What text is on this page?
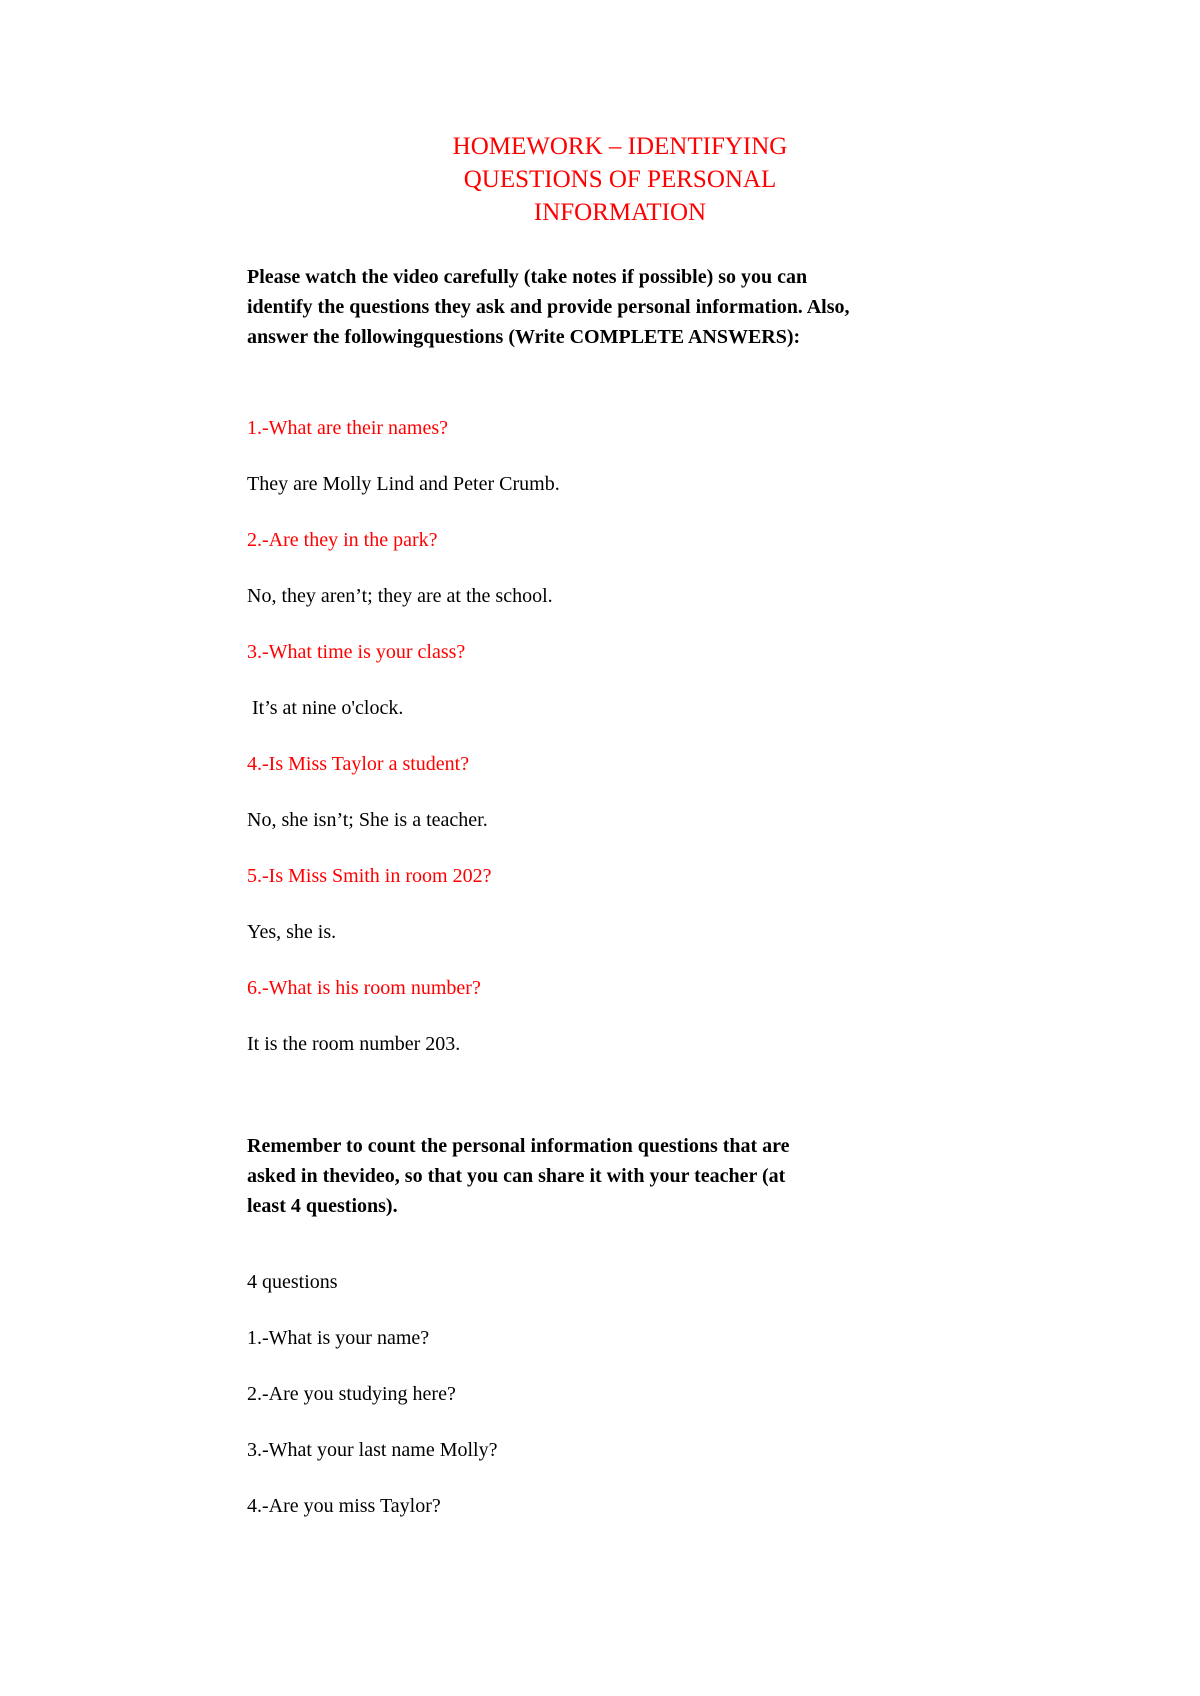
HOMEWORK – IDENTIFYING
QUESTIONS OF PERSONAL
INFORMATION
Please watch the video carefully (take notes if possible) so you can
identify the questions they ask and provide personal information. Also,
answer the followingquestions (Write COMPLETE ANSWERS):
1.-What are their names?
They are Molly Lind and Peter Crumb.
2.-Are they in the park?
No, they aren’t; they are at the school.
3.-What time is your class?
It’s at nine o'clock.
4.-Is Miss Taylor a student?
No, she isn’t; She is a teacher.
5.-Is Miss Smith in room 202?
Yes, she is.
6.-What is his room number?
It is the room number 203.
Remember to count the personal information questions that are
asked in thevideo, so that you can share it with your teacher (at
least 4 questions).
4 questions
1.-What is your name?
2.-Are you studying here?
3.-What your last name Molly?
4.-Are you miss Taylor?
